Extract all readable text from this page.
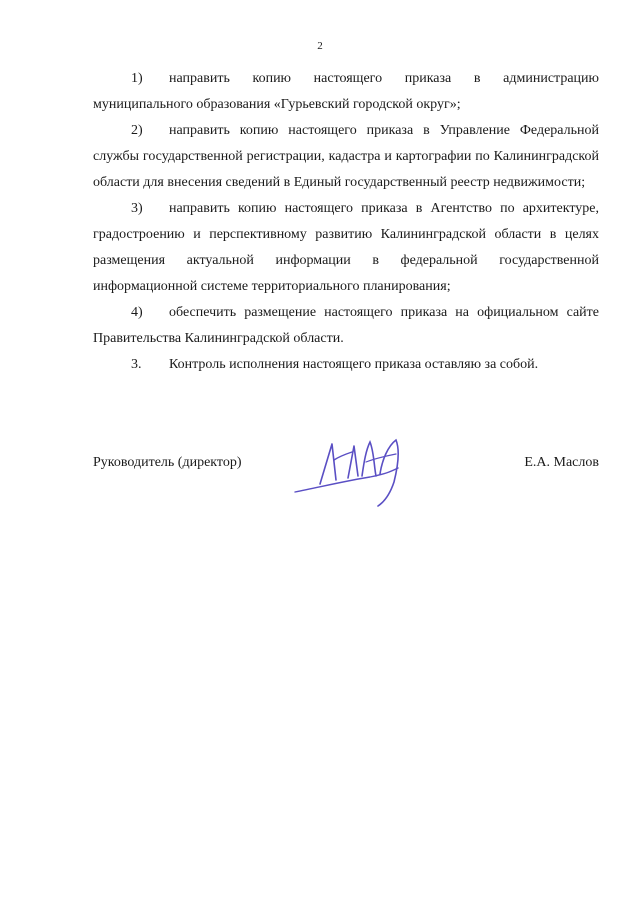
2

1) направить копию настоящего приказа в администрацию муниципального образования «Гурьевский городской округ»;

2) направить копию настоящего приказа в Управление Федеральной службы государственной регистрации, кадастра и картографии по Калининградской области для внесения сведений в Единый государственный реестр недвижимости;

3) направить копию настоящего приказа в Агентство по архитектуре, градостроению и перспективному развитию Калининградской области в целях размещения актуальной информации в федеральной государственной информационной системе территориального планирования;

4) обеспечить размещение настоящего приказа на официальном сайте Правительства Калининградской области.

3. Контроль исполнения настоящего приказа оставляю за собой.

Руководитель (директор)	Е.А. Маслов
